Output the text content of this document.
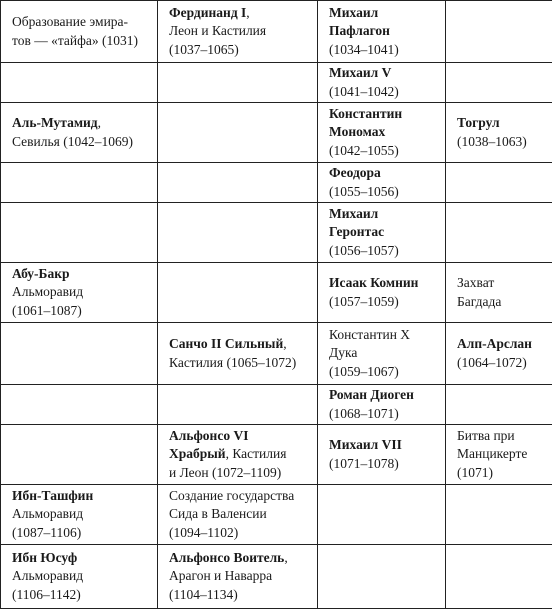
Образование эмира-
тов — «тайфа» (1031)	Фердинанд I,
Леон и Кастилия
(1037–1065)	Михаил
Пафлагон
(1034–1041)	

		Михаил V
(1041–1042)	

Аль-Мутамид,
Севилья (1042–1069)		Константин
Мономах
(1042–1055)	Тогрул
(1038–1063)

		Феодора
(1055–1056)	

		Михаил
Геронтас
(1056–1057)	

Абу-Бакр
Альморавид
(1061–1087)		Исаак Комнин
(1057–1059)	Захват
Багдада

	Санчо II Сильный,
Кастилия (1065–1072)	Константин X
Дука
(1059–1067)	Алп-Арслан
(1064–1072)

		Роман Диоген
(1068–1071)	

	Альфонсо VI
Храбрый, Кастилия
и Леон (1072–1109)	Михаил VII
(1071–1078)	Битва при
Манцикерте
(1071)

Ибн-Ташфин
Альморавид
(1087–1106)	Создание государства
Сида в Валенсии
(1094–1102)		

Ибн Юсуф
Альморавид
(1106–1142)	Альфонсо Воитель,
Арагон и Наварра
(1104–1134)		
